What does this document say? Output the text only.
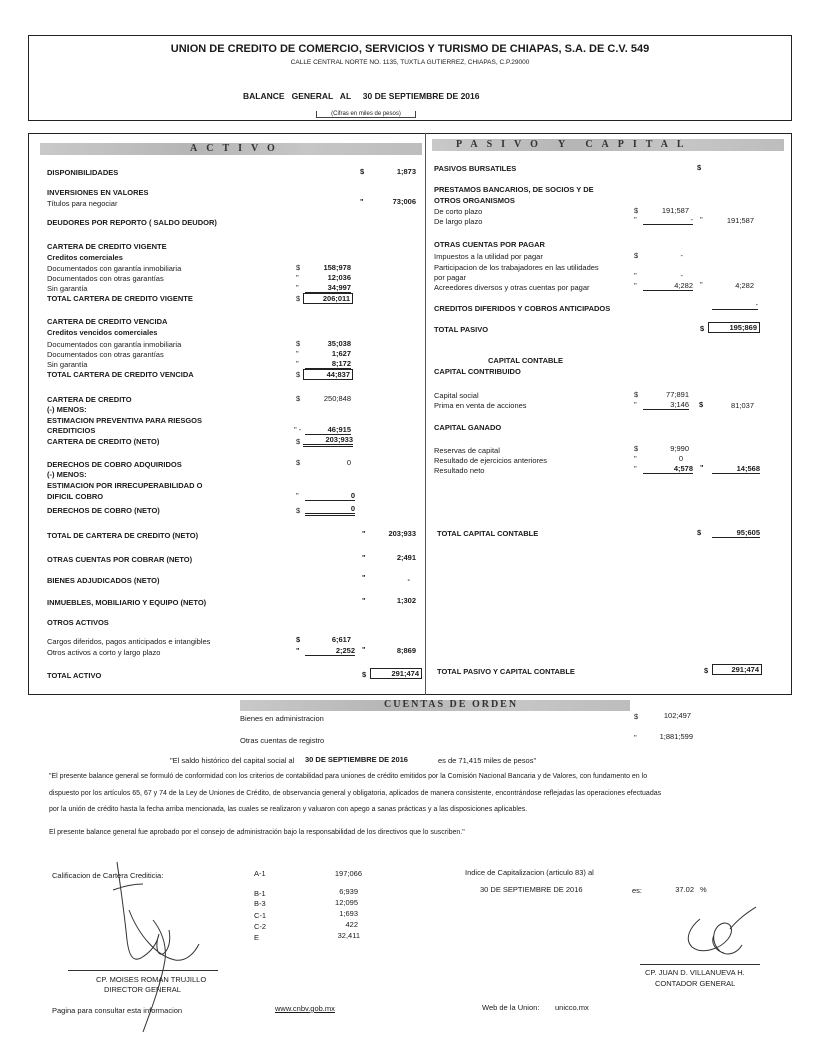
UNION DE CREDITO DE COMERCIO, SERVICIOS Y TURISMO DE CHIAPAS, S.A. DE C.V. 549
CALLE CENTRAL NORTE NO. 1135, TUXTLA GUTIERREZ, CHIAPAS, C.P.29000
BALANCE   GENERAL   AL     30 DE SEPTIEMBRE DE 2016
(Cifras en miles de pesos)
ACTIVO	PASIVO Y CAPITAL
DISPONIBILIDADES	$	1;873
INVERSIONES EN VALORES
Títulos para negociar	"	73;006
DEUDORES POR REPORTO ( SALDO DEUDOR)
CARTERA DE CREDITO VIGENTE
Creditos comerciales
Documentados con garantía inmobiliaria	$	158;978
Documentados con otras garantías	"	12;036
Sin garantía	"	34;997
TOTAL CARTERA DE CREDITO VIGENTE	$	206;011
CARTERA DE CREDITO VENCIDA
Creditos vencidos comerciales
Documentados con garantía inmobiliaria	$	35;038
Documentados con otras garantías	"	1;627
Sin garantía	"	8;172
TOTAL CARTERA DE CREDITO VENCIDA	$	44;837
CARTERA DE CREDITO	$	250;848
(-) MENOS:
ESTIMACION PREVENTIVA PARA RIESGOS
CREDITICIOS	" -	46;915
CARTERA DE CREDITO (NETO)	$	203;933
DERECHOS DE COBRO ADQUIRIDOS	$	0
(-) MENOS:
ESTIMACION POR IRRECUPERABILIDAD O
DIFICIL COBRO	"	0
DERECHOS DE COBRO (NETO)	$	0
TOTAL DE CARTERA DE CREDITO (NETO)	"	203;933
OTRAS CUENTAS POR COBRAR (NETO)	"	2;491
BIENES ADJUDICADOS (NETO)	"	-
INMUEBLES, MOBILIARIO Y EQUIPO (NETO)	"	1;302
OTROS ACTIVOS
Cargos diferidos, pagos anticipados e intangibles	$	6;617
Otros activos a corto y largo plazo	"	2;252 "	8;869
TOTAL ACTIVO	$	291;474
PASIVOS BURSATILES	$
PRESTAMOS BANCARIOS, DE SOCIOS Y DE
OTROS ORGANISMOS
De corto plazo	$	191;587
De largo plazo	"	- "	191;587
OTRAS CUENTAS POR PAGAR
Impuestos a la utilidad por pagar	$	-
Participacion de los trabajadores en las utilidades
por pagar	"	-
Acreedores diversos y otras cuentas por pagar	"	4;282 "	4;282
CREDITOS DIFERIDOS Y COBROS ANTICIPADOS	-
TOTAL PASIVO	$	195;869
CAPITAL CONTABLE
CAPITAL CONTRIBUIDO
Capital social	$	77;891
Prima en venta de acciones	"	3;146 $	81;037
CAPITAL GANADO
Reservas de capital	$	9;990
Resultado de ejercicios anteriores	"	0
Resultado neto	"	4;578 "	14;568
TOTAL CAPITAL CONTABLE	$	95;605
TOTAL PASIVO Y CAPITAL CONTABLE	$	291;474
CUENTAS DE ORDEN
Bienes en administracion	$	102;497
Otras cuentas de registro	"	1;881;599
"El saldo histórico del capital social al 30 DE SEPTIEMBRE DE 2016	es de 71,415 miles de pesos"
"El presente balance general se formuló de conformidad con los criterios de contabilidad para uniones de crédito emitidos por la Comisión Nacional Bancaria y de Valores, con fundamento en lo
dispuesto por los artículos 65, 67 y 74 de la Ley de Uniones de Crédito, de observancia general y obligatoria, aplicados de manera consistente, encontrándose reflejadas las operaciones efectuadas
por la unión de crédito hasta la fecha arriba mencionada, las cuales se realizaron y valuaron con apego a sanas prácticas y a las disposiciones aplicables.
El presente balance general fue aprobado por el consejo de administración bajo la responsabilidad de los directivos que lo suscriben."
Calificacion de Cartera Crediticia:	A-1	197;066
B-1	6;939
B-3	12;095
C-1	1;693
C-2	422
E	32,411
Indice de Capitalizacion (articulo 83) al
30 DE SEPTIEMBRE DE 2016	es:	37.02 %
CP. MOISES ROMAN TRUJILLO
DIRECTOR GENERAL
CP. JUAN D. VILLANUEVA H.
CONTADOR GENERAL
Pagina para consultar esta informacion	www.cnbv.gob.mx	Web de la Union: unicco.mx
